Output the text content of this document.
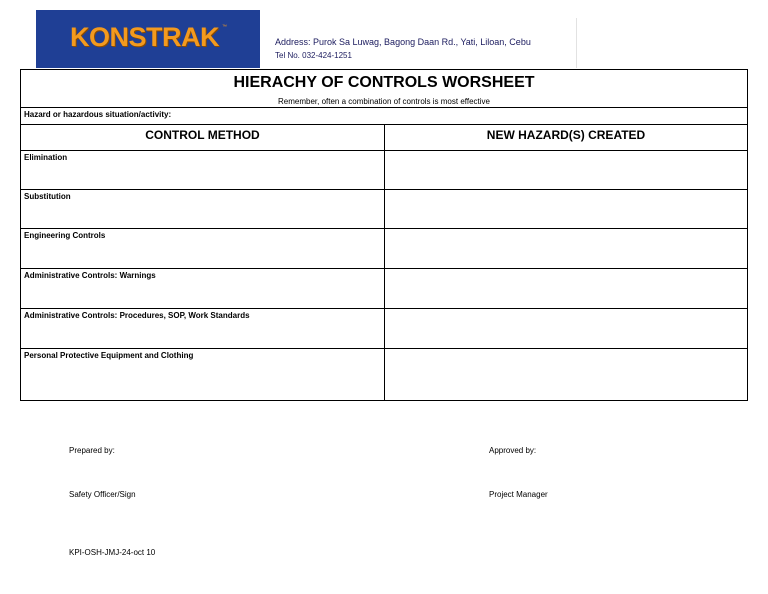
KONSTRAK ™
Address: Purok Sa Luwag, Bagong Daan Rd., Yati, Liloan, Cebu
Tel No. 032-424-1251
HIERACHY OF CONTROLS WORSHEET
Remember, often a combination of controls is most effective
Hazard or hazardous situation/activity:
CONTROL METHOD	NEW HAZARD(S) CREATED
Elimination
Substitution
Engineering Controls
Administrative Controls: Warnings
Administrative Controls: Procedures, SOP, Work Standards
Personal Protective Equipment and Clothing
Prepared by:	Approved by:
Safety Officer/Sign	Project Manager
KPI-OSH-JMJ-24-oct 10
